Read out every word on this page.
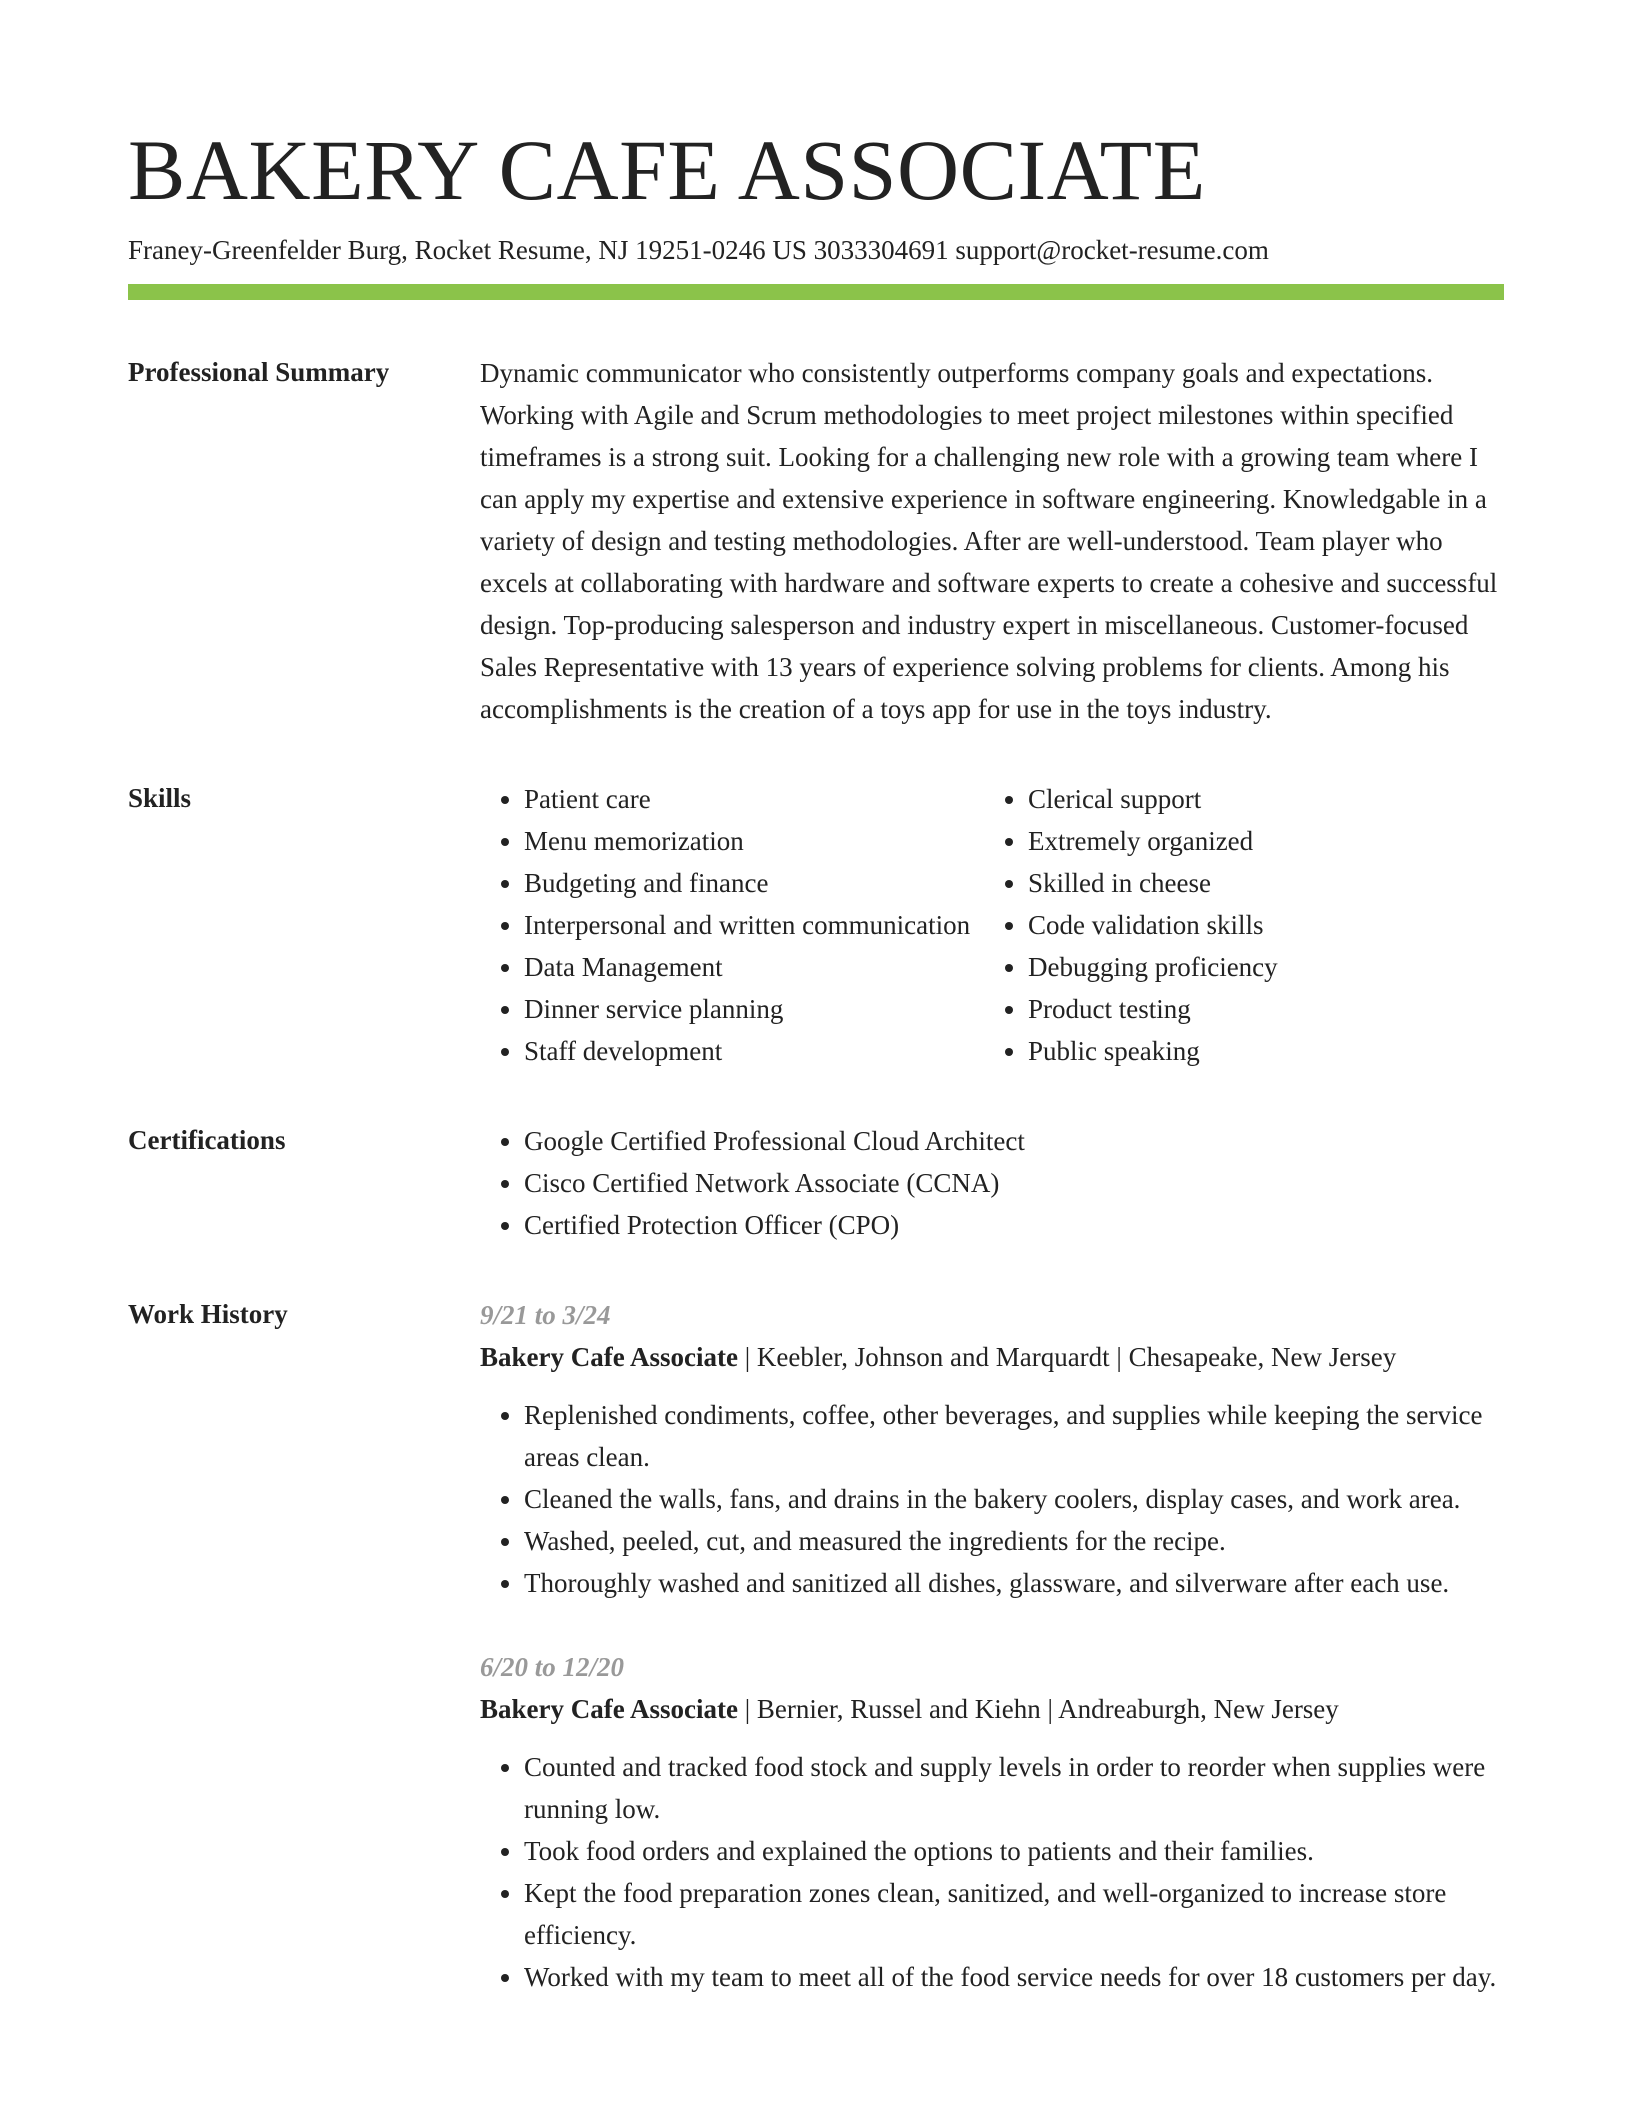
BAKERY CAFE ASSOCIATE
Franey-Greenfelder Burg, Rocket Resume, NJ 19251-0246 US 3033304691 support@rocket-resume.com
Professional Summary	Dynamic communicator who consistently outperforms company goals and expectations. Working with Agile and Scrum methodologies to meet project milestones within specified timeframes is a strong suit. Looking for a challenging new role with a growing team where I can apply my expertise and extensive experience in software engineering. Knowledgable in a variety of design and testing methodologies. After are well-understood. Team player who excels at collaborating with hardware and software experts to create a cohesive and successful design. Top-producing salesperson and industry expert in miscellaneous. Customer-focused Sales Representative with 13 years of experience solving problems for clients. Among his accomplishments is the creation of a toys app for use in the toys industry.

Skills	• Patient care
• Menu memorization
• Budgeting and finance
• Interpersonal and written communication
• Data Management
• Dinner service planning
• Staff development
• Clerical support
• Extremely organized
• Skilled in cheese
• Code validation skills
• Debugging proficiency
• Product testing
• Public speaking
Certifications	• Google Certified Professional Cloud Architect
• Cisco Certified Network Associate (CCNA)
• Certified Protection Officer (CPO)
Work History	9/21 to 3/24
Bakery Cafe Associate | Keebler, Johnson and Marquardt | Chesapeake, New Jersey
• Replenished condiments, coffee, other beverages, and supplies while keeping the service areas clean.
• Cleaned the walls, fans, and drains in the bakery coolers, display cases, and work area.
• Washed, peeled, cut, and measured the ingredients for the recipe.
• Thoroughly washed and sanitized all dishes, glassware, and silverware after each use.
6/20 to 12/20
Bakery Cafe Associate | Bernier, Russel and Kiehn | Andreaburgh, New Jersey
• Counted and tracked food stock and supply levels in order to reorder when supplies were running low.
• Took food orders and explained the options to patients and their families.
• Kept the food preparation zones clean, sanitized, and well-organized to increase store efficiency.
• Worked with my team to meet all of the food service needs for over 18 customers per day.
